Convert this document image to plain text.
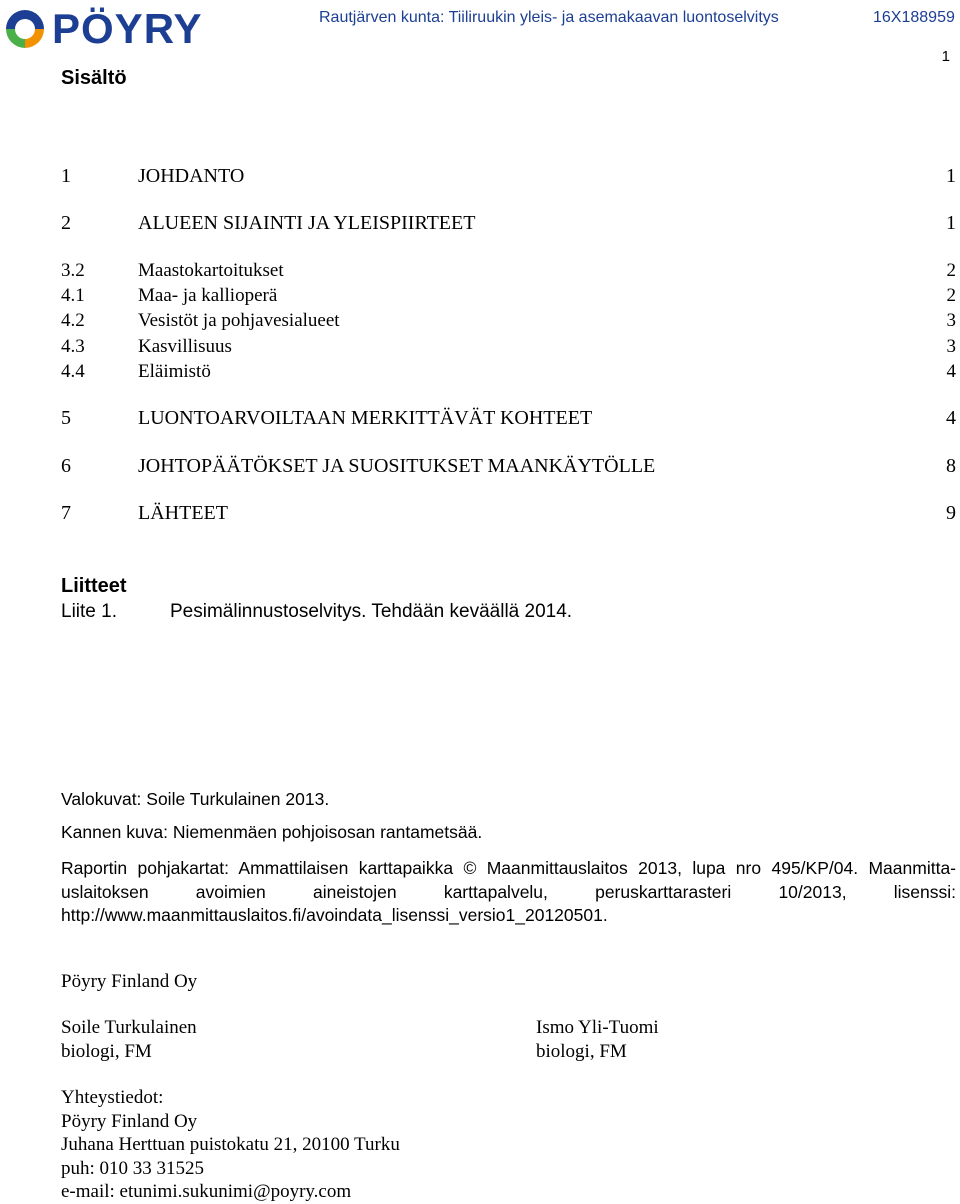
PÖYRY	Rautjärven kunta: Tiiliruukin yleis- ja asemakaavan luontoselvitys	16X188959
1
Sisältö
1	JOHDANTO	1
2	ALUEEN SIJAINTI JA YLEISPIIRTEET	1
3.2	Maastokartoitukset	2
4.1	Maa- ja kallioperä	2
4.2	Vesistöt ja pohjavesialueet	3
4.3	Kasvillisuus	3
4.4	Eläimistö	4
5	LUONTOARVOILTAAN MERKITTÄVÄT KOHTEET	4
6	JOHTOPÄÄTÖKSET JA SUOSITUKSET MAANKÄYTÖLLE	8
7	LÄHTEET	9
Liitteet
Liite 1.	Pesimälinnustoselvitys. Tehdään keväällä 2014.
Valokuvat: Soile Turkulainen 2013.
Kannen kuva: Niemenmäen pohjoisosan rantametsää.
Raportin pohjakartat: Ammattilaisen karttapaikka © Maanmittauslaitos 2013, lupa nro 495/KP/04. Maanmitta-uslaitoksen avoimien aineistojen karttapalvelu, peruskarttarasteri 10/2013, lisenssi: http://www.maanmittauslaitos.fi/avoindata_lisenssi_versio1_20120501.
Pöyry Finland Oy
Soile Turkulainen
biologi, FM
Ismo Yli-Tuomi
biologi, FM
Yhteystiedot:
Pöyry Finland Oy
Juhana Herttuan puistokatu 21, 20100 Turku
puh: 010 33 31525
e-mail: etunimi.sukunimi@poyry.com
